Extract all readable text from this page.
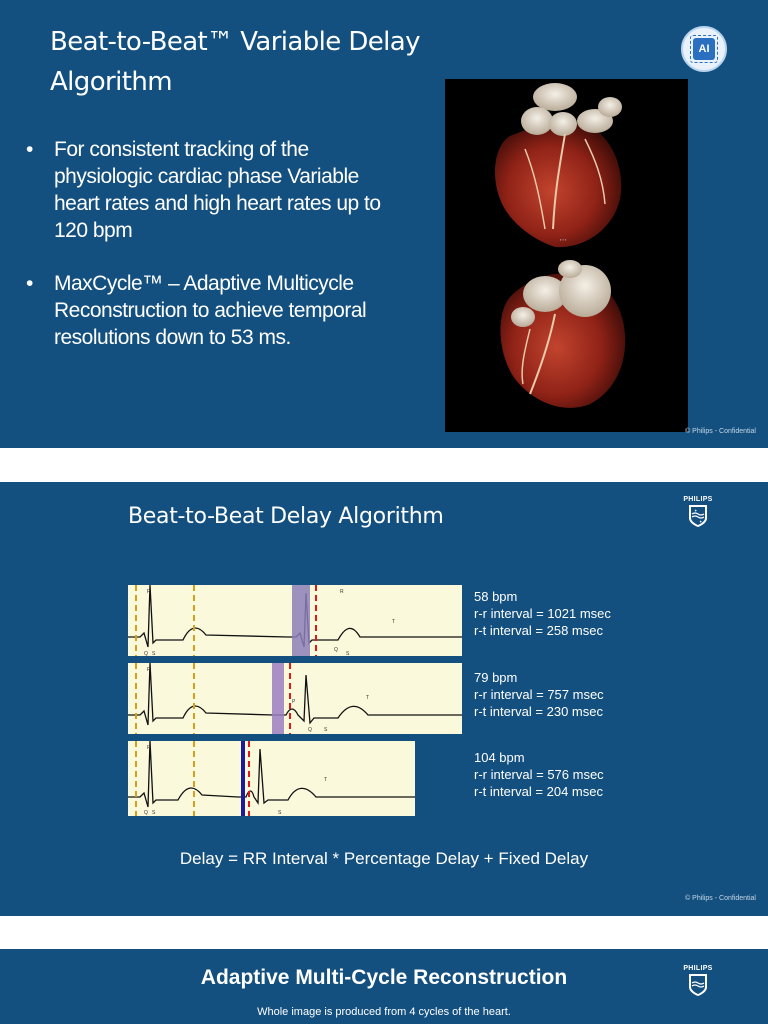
Beat-to-Beat™ Variable Delay
Algorithm
• For consistent tracking of the
physiologic cardiac phase Variable
heart rates and high heart rates up to
120 bpm
• MaxCycle™ – Adaptive Multicycle
Reconstruction to achieve temporal
resolutions down to 53 ms.
AI
▪ ▪ ▪
© Philips - Confidential
Beat-to-Beat Delay Algorithm
PHILIPS
✦
✦
P	R
Q S
Q
S
T
58 bpm
r-r interval = 1021 msec
r-t interval = 258 msec
P
P
Q S
T
79 bpm
r-r interval = 757 msec
r-t interval = 230 msec
P
Q S	S
T
104 bpm
r-r interval = 576 msec
r-t interval = 204 msec
Delay = RR Interval * Percentage Delay + Fixed Delay
© Philips - Confidential
Adaptive Multi-Cycle Reconstruction
Whole image is produced from 4 cycles of the heart.
PHILIPS
